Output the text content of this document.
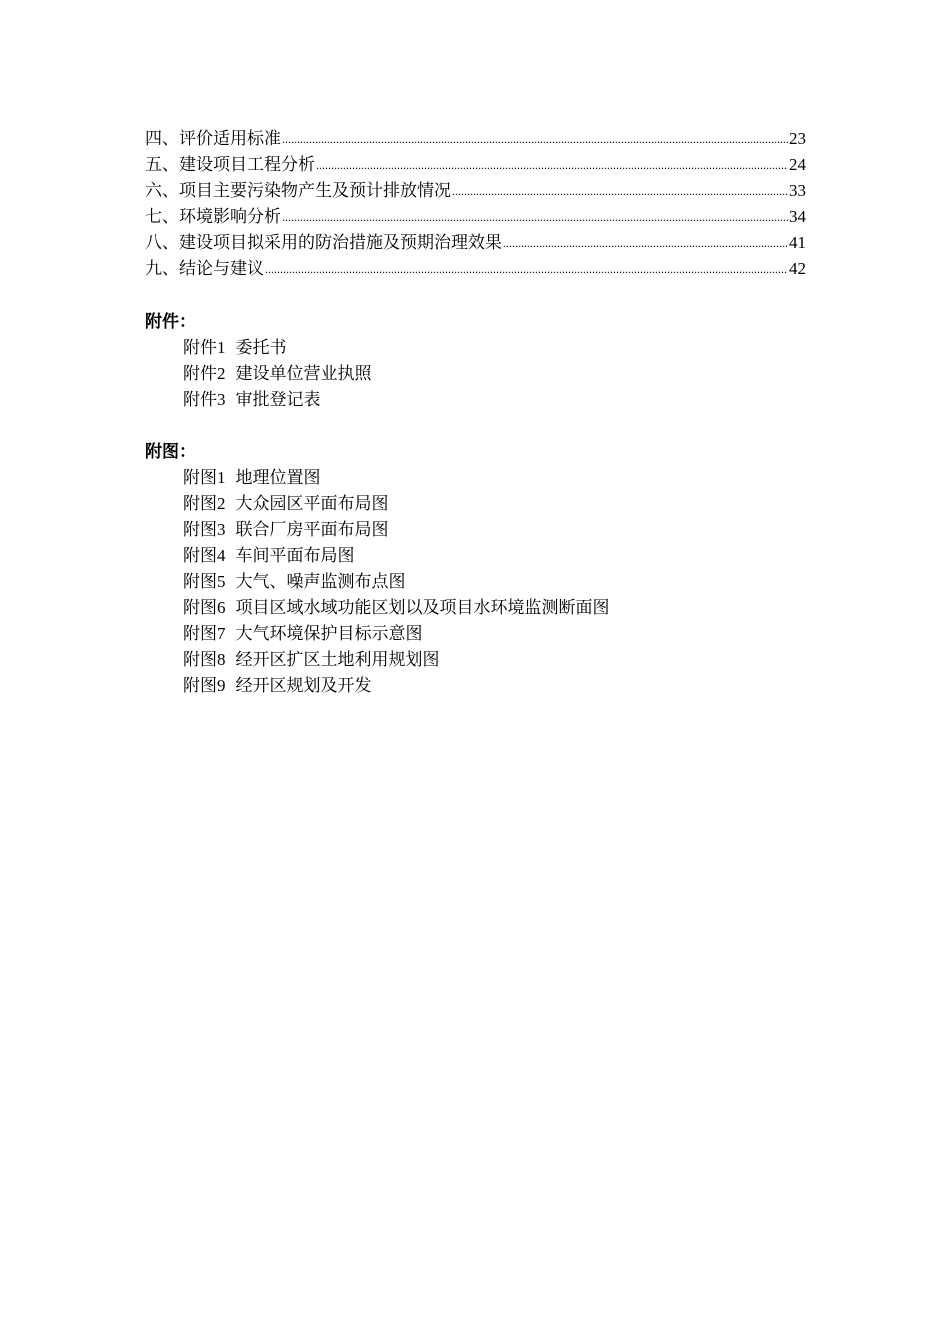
四、评价适用标准 .....	23
五、建设项目工程分析 .....	24
六、项目主要污染物产生及预计排放情况 .....	33
七、环境影响分析 .....	34
八、建设项目拟采用的防治措施及预期治理效果 .....	41
九、结论与建议 .....	42
附件：
附件1 委托书
附件2 建设单位营业执照
附件3 审批登记表
附图：
附图1 地理位置图
附图2 大众园区平面布局图
附图3 联合厂房平面布局图
附图4 车间平面布局图
附图5 大气、噪声监测布点图
附图6 项目区域水域功能区划以及项目水环境监测断面图
附图7 大气环境保护目标示意图
附图8 经开区扩区土地利用规划图
附图9 经开区规划及开发
